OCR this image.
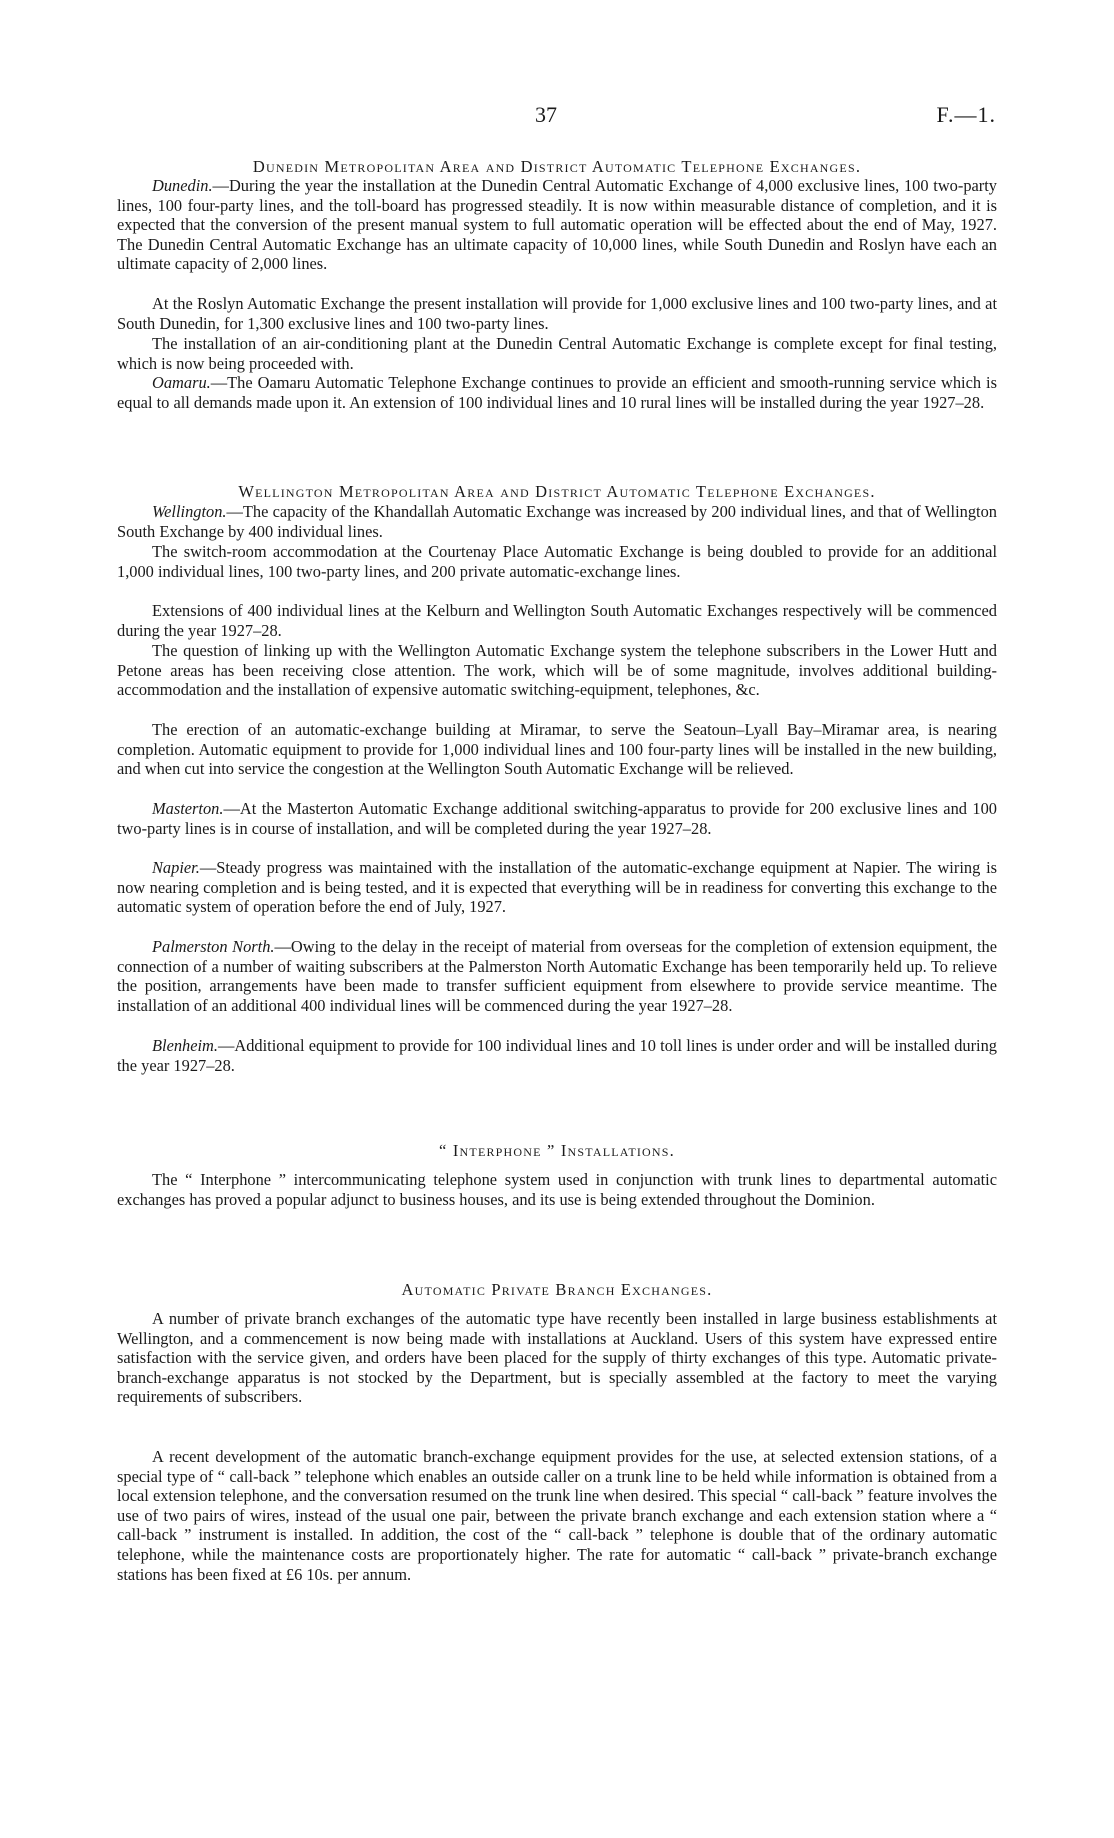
37	F.—1.
Dunedin Metropolitan Area and District Automatic Telephone Exchanges.

Dunedin.—During the year the installation at the Dunedin Central Automatic Exchange of 4,000 exclusive lines, 100 two-party lines, 100 four-party lines, and the toll-board has progressed steadily. It is now within measurable distance of completion, and it is expected that the conversion of the present manual system to full automatic operation will be effected about the end of May, 1927. The Dunedin Central Automatic Exchange has an ultimate capacity of 10,000 lines, while South Dunedin and Roslyn have each an ultimate capacity of 2,000 lines.

At the Roslyn Automatic Exchange the present installation will provide for 1,000 exclusive lines and 100 two-party lines, and at South Dunedin, for 1,300 exclusive lines and 100 two-party lines.

The installation of an air-conditioning plant at the Dunedin Central Automatic Exchange is complete except for final testing, which is now being proceeded with.

Oamaru.—The Oamaru Automatic Telephone Exchange continues to provide an efficient and smooth-running service which is equal to all demands made upon it. An extension of 100 individual lines and 10 rural lines will be installed during the year 1927–28.

Wellington Metropolitan Area and District Automatic Telephone Exchanges.

Wellington.—The capacity of the Khandallah Automatic Exchange was increased by 200 individual lines, and that of Wellington South Exchange by 400 individual lines.

The switch-room accommodation at the Courtenay Place Automatic Exchange is being doubled to provide for an additional 1,000 individual lines, 100 two-party lines, and 200 private automatic-exchange lines.

Extensions of 400 individual lines at the Kelburn and Wellington South Automatic Exchanges respectively will be commenced during the year 1927–28.

The question of linking up with the Wellington Automatic Exchange system the telephone subscribers in the Lower Hutt and Petone areas has been receiving close attention. The work, which will be of some magnitude, involves additional building-accommodation and the installation of expensive automatic switching-equipment, telephones, &c.

The erection of an automatic-exchange building at Miramar, to serve the Seatoun–Lyall Bay–Miramar area, is nearing completion. Automatic equipment to provide for 1,000 individual lines and 100 four-party lines will be installed in the new building, and when cut into service the congestion at the Wellington South Automatic Exchange will be relieved.

Masterton.—At the Masterton Automatic Exchange additional switching-apparatus to provide for 200 exclusive lines and 100 two-party lines is in course of installation, and will be completed during the year 1927–28.

Napier.—Steady progress was maintained with the installation of the automatic-exchange equipment at Napier. The wiring is now nearing completion and is being tested, and it is expected that everything will be in readiness for converting this exchange to the automatic system of operation before the end of July, 1927.

Palmerston North.—Owing to the delay in the receipt of material from overseas for the completion of extension equipment, the connection of a number of waiting subscribers at the Palmerston North Automatic Exchange has been temporarily held up. To relieve the position, arrangements have been made to transfer sufficient equipment from elsewhere to provide service meantime. The installation of an additional 400 individual lines will be commenced during the year 1927–28.

Blenheim.—Additional equipment to provide for 100 individual lines and 10 toll lines is under order and will be installed during the year 1927–28.

“ Interphone ” Installations.

The “ Interphone ” intercommunicating telephone system used in conjunction with trunk lines to departmental automatic exchanges has proved a popular adjunct to business houses, and its use is being extended throughout the Dominion.

Automatic Private Branch Exchanges.

A number of private branch exchanges of the automatic type have recently been installed in large business establishments at Wellington, and a commencement is now being made with installations at Auckland. Users of this system have expressed entire satisfaction with the service given, and orders have been placed for the supply of thirty exchanges of this type. Automatic private-branch-exchange apparatus is not stocked by the Department, but is specially assembled at the factory to meet the varying requirements of subscribers.

A recent development of the automatic branch-exchange equipment provides for the use, at selected extension stations, of a special type of “ call-back ” telephone which enables an outside caller on a trunk line to be held while information is obtained from a local extension telephone, and the conversation resumed on the trunk line when desired. This special “ call-back ” feature involves the use of two pairs of wires, instead of the usual one pair, between the private branch exchange and each extension station where a “ call-back ” instrument is installed. In addition, the cost of the “ call-back ” telephone is double that of the ordinary automatic telephone, while the maintenance costs are proportionately higher. The rate for automatic “ call-back ” private-branch exchange stations has been fixed at £6 10s. per annum.
